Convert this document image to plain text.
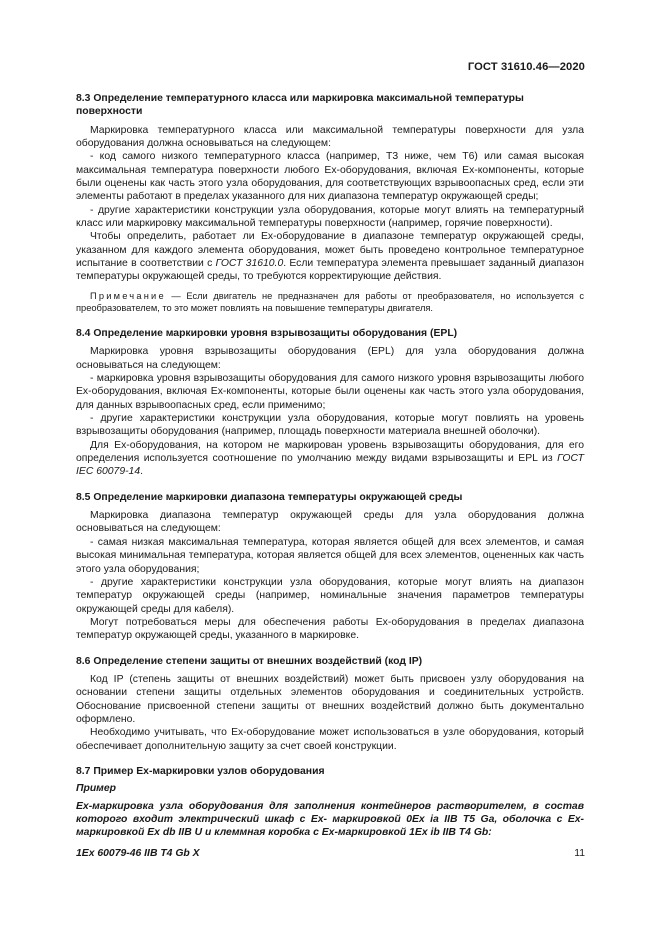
ГОСТ 31610.46—2020
8.3 Определение температурного класса или маркировка максимальной температуры
поверхности

Маркировка температурного класса или максимальной температуры поверхности для узла оборудования должна основываться на следующем:

- код самого низкого температурного класса (например, Т3 ниже, чем Т6) или самая высокая максимальная температура поверхности любого Ex-оборудования, включая Ex-компоненты, которые были оценены как часть этого узла оборудования, для соответствующих взрывоопасных сред, если эти элементы работают в пределах указанного для них диапазона температур окружающей среды;

- другие характеристики конструкции узла оборудования, которые могут влиять на температурный класс или маркировку максимальной температуры поверхности (например, горячие поверхности).

Чтобы определить, работает ли Ex-оборудование в диапазоне температур окружающей среды, указанном для каждого элемента оборудования, может быть проведено контрольное температурное испытание в соответствии с ГОСТ 31610.0. Если температура элемента превышает заданный диапазон температуры окружающей среды, то требуются корректирующие действия.

Примечание — Если двигатель не предназначен для работы от преобразователя, но используется с преобразователем, то это может повлиять на повышение температуры двигателя.

8.4 Определение маркировки уровня взрывозащиты оборудования (EPL)

Маркировка уровня взрывозащиты оборудования (EPL) для узла оборудования должна основываться на следующем:

- маркировка уровня взрывозащиты оборудования для самого низкого уровня взрывозащиты любого Ex-оборудования, включая Ex-компоненты, которые были оценены как часть этого узла оборудования, для данных взрывоопасных сред, если применимо;

- другие характеристики конструкции узла оборудования, которые могут повлиять на уровень взрывозащиты оборудования (например, площадь поверхности материала внешней оболочки).

Для Ex-оборудования, на котором не маркирован уровень взрывозащиты оборудования, для его определения используется соотношение по умолчанию между видами взрывозащиты и EPL из ГОСТ IEC 60079-14.

8.5 Определение маркировки диапазона температуры окружающей среды

Маркировка диапазона температур окружающей среды для узла оборудования должна основываться на следующем:

- самая низкая максимальная температура, которая является общей для всех элементов, и самая высокая минимальная температура, которая является общей для всех элементов, оцененных как часть этого узла оборудования;

- другие характеристики конструкции узла оборудования, которые могут влиять на диапазон температур окружающей среды (например, номинальные значения параметров температуры окружающей среды для кабеля).

Могут потребоваться меры для обеспечения работы Ex-оборудования в пределах диапазона температур окружающей среды, указанного в маркировке.

8.6 Определение степени защиты от внешних воздействий (код IP)

Код IP (степень защиты от внешних воздействий) может быть присвоен узлу оборудования на основании степени защиты отдельных элементов оборудования и соединительных устройств. Обоснование присвоенной степени защиты от внешних воздействий должно быть документально оформлено.

Необходимо учитывать, что Ex-оборудование может использоваться в узле оборудования, который обеспечивает дополнительную защиту за счет своей конструкции.

8.7 Пример Ex-маркировки узлов оборудования

Пример

Ex-маркировка узла оборудования для заполнения контейнеров растворителем, в состав которого входит электрический шкаф с Ex- маркировкой 0Ex ia IIB T5 Ga, оболочка с Ex-маркировкой Ex db IIB U и клеммная коробка с Ex-маркировкой 1Ex ib IIB T4 Gb:

1Ex 60079-46 IIB T4 Gb X	11
